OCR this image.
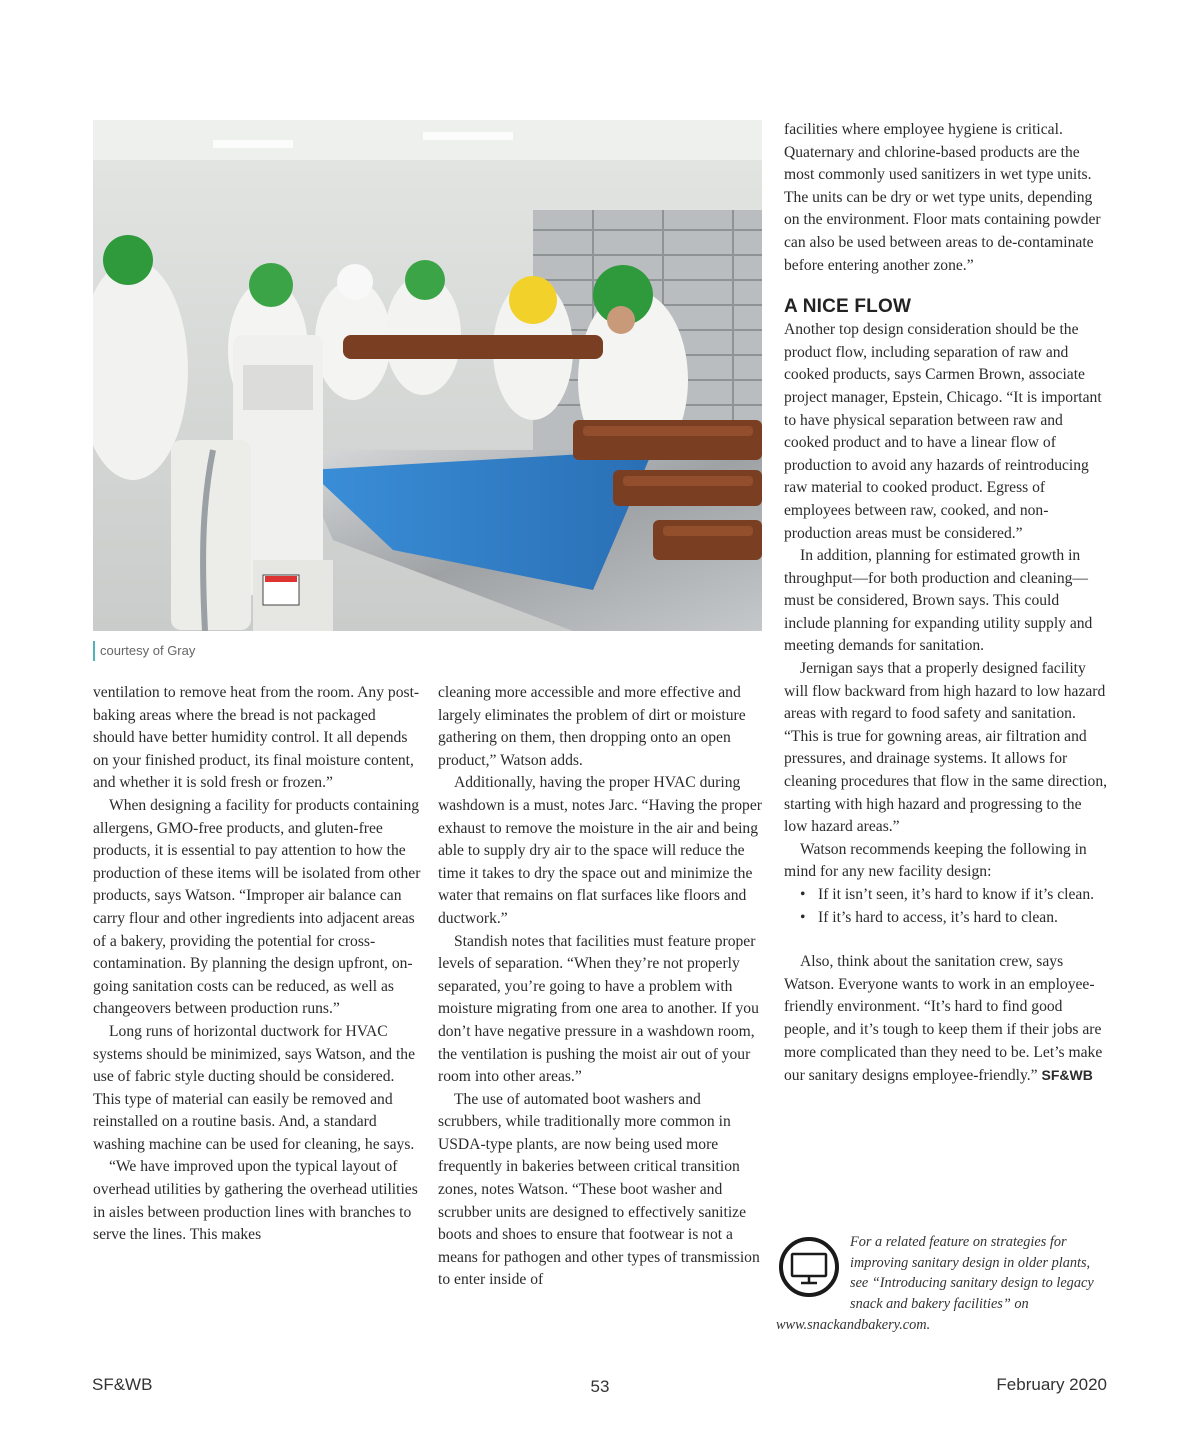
courtesy of Gray

ventilation to remove heat from the room. Any post-baking areas where the bread is not packaged should have better humidity control. It all depends on your finished product, its final moisture content, and whether it is sold fresh or frozen.”

When designing a facility for products containing allergens, GMO-free products, and gluten-free products, it is essential to pay attention to how the production of these items will be isolated from other products, says Watson. “Improper air balance can carry flour and other ingredients into adjacent areas of a bakery, providing the potential for cross-contamination. By planning the design upfront, on-going sanitation costs can be reduced, as well as changeovers between production runs.”

Long runs of horizontal ductwork for HVAC systems should be minimized, says Watson, and the use of fabric style ducting should be considered. This type of material can easily be removed and reinstalled on a routine basis. And, a standard washing machine can be used for cleaning, he says.

“We have improved upon the typical layout of overhead utilities by gathering the overhead utilities in aisles between production lines with branches to serve the lines. This makes

cleaning more accessible and more effective and largely eliminates the problem of dirt or moisture gathering on them, then dropping onto an open product,” Watson adds.

Additionally, having the proper HVAC during washdown is a must, notes Jarc. “Having the proper exhaust to remove the moisture in the air and being able to supply dry air to the space will reduce the time it takes to dry the space out and minimize the water that remains on flat surfaces like floors and ductwork.”

Standish notes that facilities must feature proper levels of separation. “When they’re not properly separated, you’re going to have a problem with moisture migrating from one area to another. If you don’t have negative pressure in a washdown room, the ventilation is pushing the moist air out of your room into other areas.”

The use of automated boot washers and scrubbers, while traditionally more common in USDA-type plants, are now being used more frequently in bakeries between critical transition zones, notes Watson. “These boot washer and scrubber units are designed to effectively sanitize boots and shoes to ensure that footwear is not a means for pathogen and other types of transmission to enter inside of

facilities where employee hygiene is critical. Quaternary and chlorine-based products are the most commonly used sanitizers in wet type units. The units can be dry or wet type units, depending on the environment. Floor mats containing powder can also be used between areas to de-contaminate before entering another zone.”

A NICE FLOW

Another top design consideration should be the product flow, including separation of raw and cooked products, says Carmen Brown, associate project manager, Epstein, Chicago. “It is important to have physical separation between raw and cooked product and to have a linear flow of production to avoid any hazards of reintroducing raw material to cooked product. Egress of employees between raw, cooked, and non-production areas must be considered.”

In addition, planning for estimated growth in throughput—for both production and cleaning—must be considered, Brown says. This could include planning for expanding utility supply and meeting demands for sanitation.

Jernigan says that a properly designed facility will flow backward from high hazard to low hazard areas with regard to food safety and sanitation. “This is true for gowning areas, air filtration and pressures, and drainage systems. It allows for cleaning procedures that flow in the same direction, starting with high hazard and progressing to the low hazard areas.”

Watson recommends keeping the following in mind for any new facility design:

• If it isn’t seen, it’s hard to know if it’s clean.
• If it’s hard to access, it’s hard to clean.

Also, think about the sanitation crew, says Watson. Everyone wants to work in an employee-friendly environment. “It’s hard to find good people, and it’s tough to keep them if their jobs are more complicated than they need to be. Let’s make our sanitary designs employee-friendly.” SF&WB

For a related feature on strategies for improving sanitary design in older plants, see “Introducing sanitary design to legacy snack and bakery facilities” on www.snackandbakery.com.
SF&WB	53	February 2020
